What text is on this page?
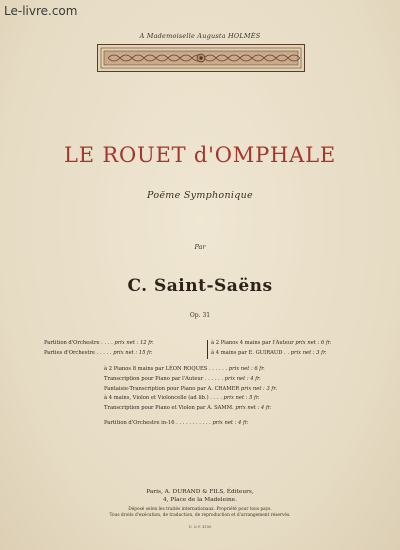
Le-livre.com
A Mademoiselle Augusta HOLMÈS
LE ROUET d'OMPHALE
Poëme Symphonique
Par
C. Saint-Saëns
Op. 31
Partition d'Orchestre . . . . prix net : 12 fr.
Parties d'Orchestre . . . . . prix net : 15 fr.
à 2 Pianos 4 mains par l'Auteur prix net : 6 fr.
à 4 mains par E. GUIRAUD . . prix net : 3 fr.
à 2 Pianos 8 mains par LÉON ROQUES . . . . . . prix net : 6 fr.
Transcription pour Piano par l'Auteur . . . . . . prix net : 4 fr.
Fantaisie-Transcription pour Piano par A. CRAMER prix net : 3 fr.
à 4 mains, Violon et Violoncelle (ad lib.) . . . . prix net : 5 fr.
Transcription pour Piano et Violon par A. SAMM. prix net : 4 fr.
Partition d'Orchestre in-16 . . . . . . . . . . . prix net : 4 fr.
Paris, A. DURAND & FILS, Éditeurs,
4, Place de la Madeleine.
Déposé selon les traités internationaux. Propriété pour tous pays.
Tous droits d'exécution, de traduction, de reproduction et d'arrangement réservés.
D. & F. 4188
